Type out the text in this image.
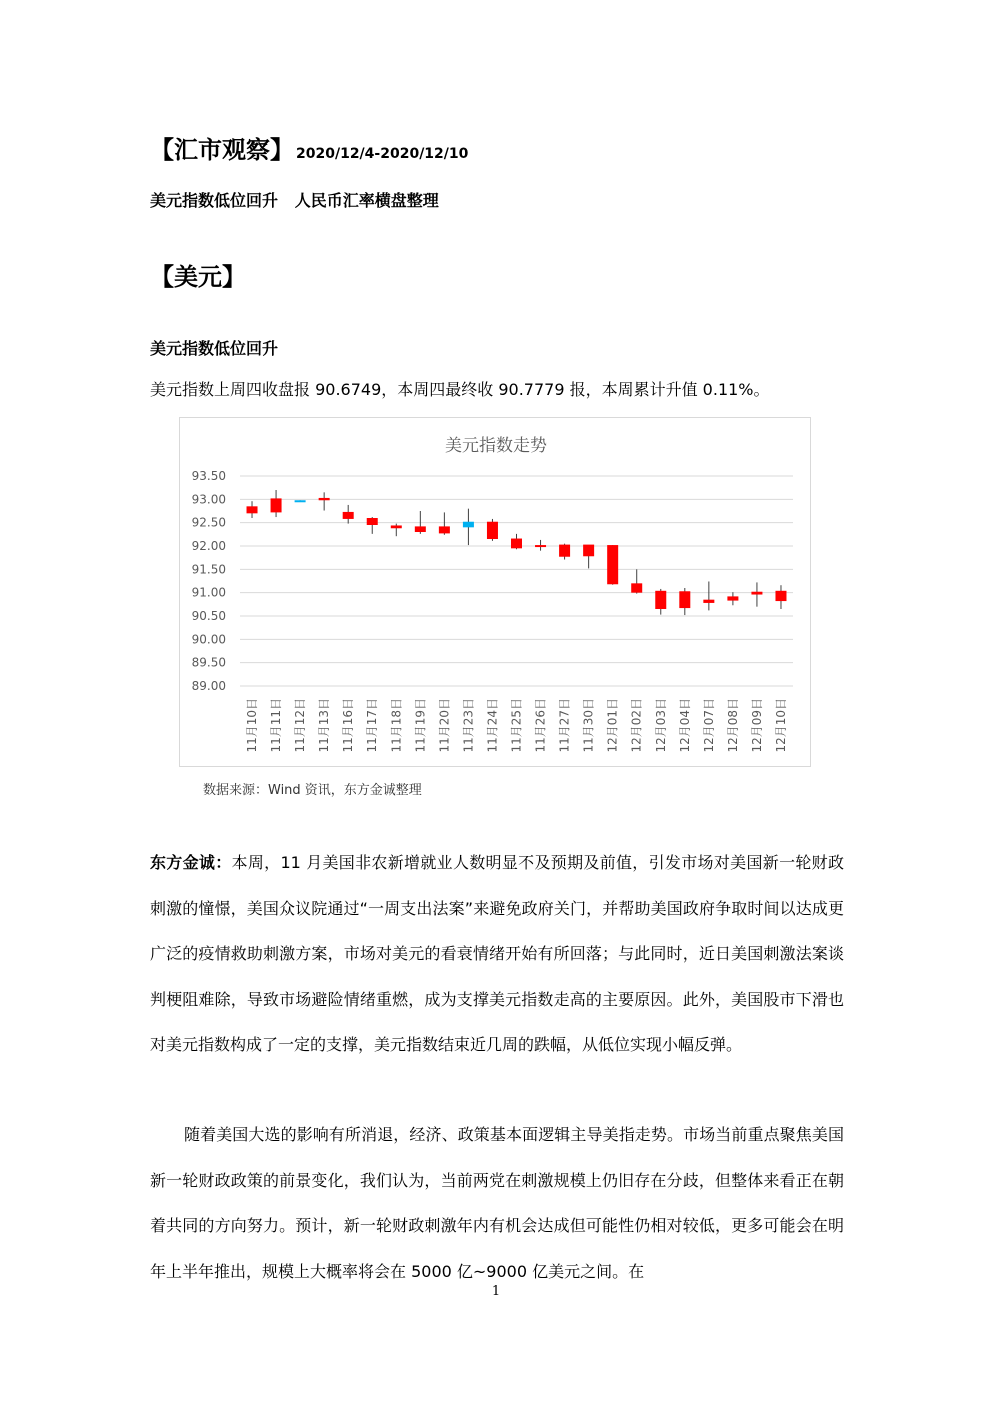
【汇市观察】 2020/12/4-2020/12/10
美元指数低位回升   人民币汇率横盘整理
【美元】
美元指数低位回升
美元指数上周四收盘报 90.6749，本周四最终收 90.7779 报，本周累计升值 0.11%。
美元指数走势
93.50
93.00
92.50
92.00
91.50
91.00
90.50
90.00
89.50
89.00
11月10日 11月11日 11月12日 11月13日 11月16日 11月17日 11月18日 11月19日 11月20日 11月23日 11月24日 11月25日 11月26日 11月27日 11月30日 12月01日 12月02日 12月03日 12月04日 12月07日 12月08日 12月09日 12月10日
数据来源：Wind 资讯，东方金诚整理
东方金诚：本周，11 月美国非农新增就业人数明显不及预期及前值，引发市场对美国新一轮财政刺激的憧憬，美国众议院通过“一周支出法案”来避免政府关门，并帮助美国政府争取时间以达成更广泛的疫情救助刺激方案，市场对美元的看衰情绪开始有所回落；与此同时，近日美国刺激法案谈判梗阻难除，导致市场避险情绪重燃，成为支撑美元指数走高的主要原因。此外，美国股市下滑也对美元指数构成了一定的支撑，美元指数结束近几周的跌幅，从低位实现小幅反弹。
随着美国大选的影响有所消退，经济、政策基本面逻辑主导美指走势。市场当前重点聚焦美国新一轮财政政策的前景变化，我们认为，当前两党在刺激规模上仍旧存在分歧，但整体来看正在朝着共同的方向努力。预计，新一轮财政刺激年内有机会达成但可能性仍相对较低，更多可能会在明年上半年推出，规模上大概率将会在 5000 亿~9000 亿美元之间。在
1
